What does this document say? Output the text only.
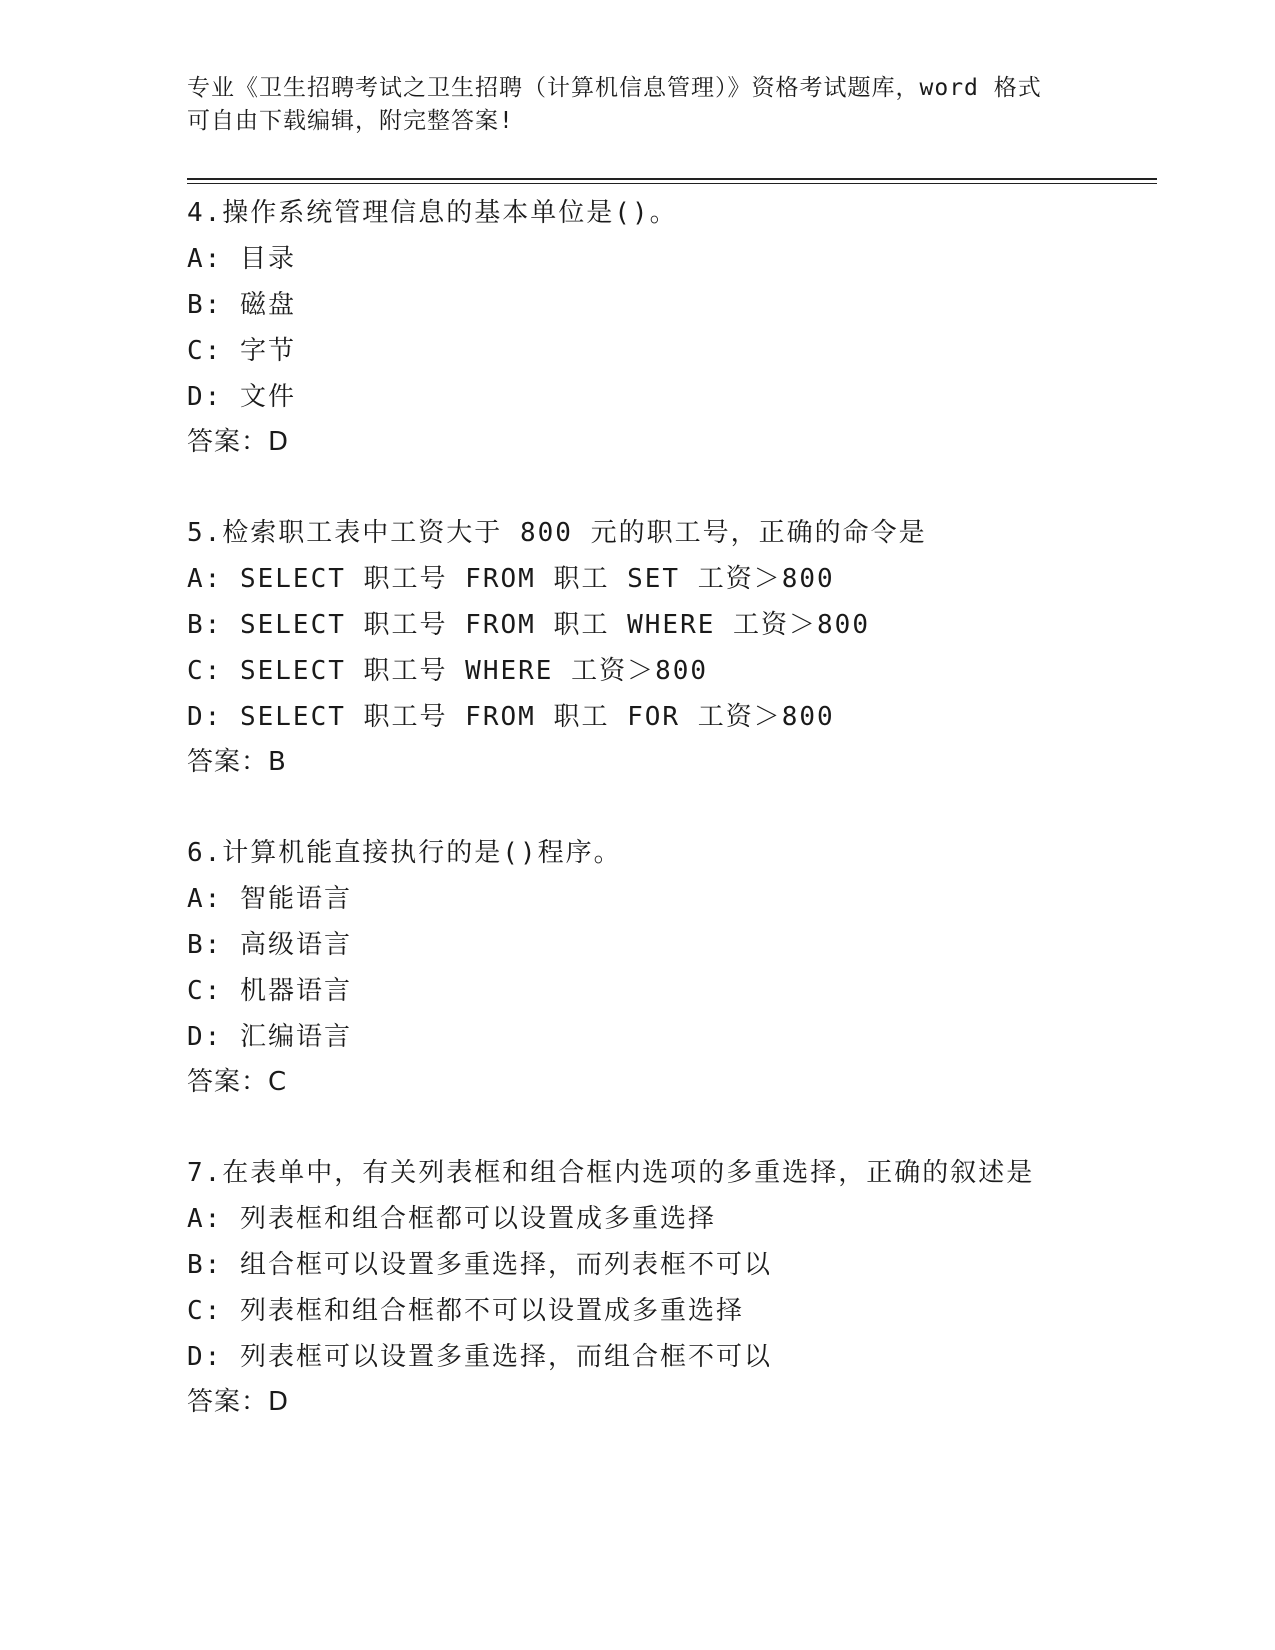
专业《卫生招聘考试之卫生招聘（计算机信息管理）》资格考试题库，word 格式
可自由下载编辑，附完整答案!
4.操作系统管理信息的基本单位是()。
A: 目录
B: 磁盘
C: 字节
D: 文件
答案：D
5.检索职工表中工资大于 800 元的职工号，正确的命令是
A: SELECT 职工号 FROM 职工 SET 工资＞800
B: SELECT 职工号 FROM 职工 WHERE 工资＞800
C: SELECT 职工号 WHERE 工资＞800
D: SELECT 职工号 FROM 职工 FOR 工资＞800
答案：B
6.计算机能直接执行的是()程序。
A: 智能语言
B: 高级语言
C: 机器语言
D: 汇编语言
答案：C
7.在表单中，有关列表框和组合框内选项的多重选择，正确的叙述是
A: 列表框和组合框都可以设置成多重选择
B: 组合框可以设置多重选择，而列表框不可以
C: 列表框和组合框都不可以设置成多重选择
D: 列表框可以设置多重选择，而组合框不可以
答案：D
